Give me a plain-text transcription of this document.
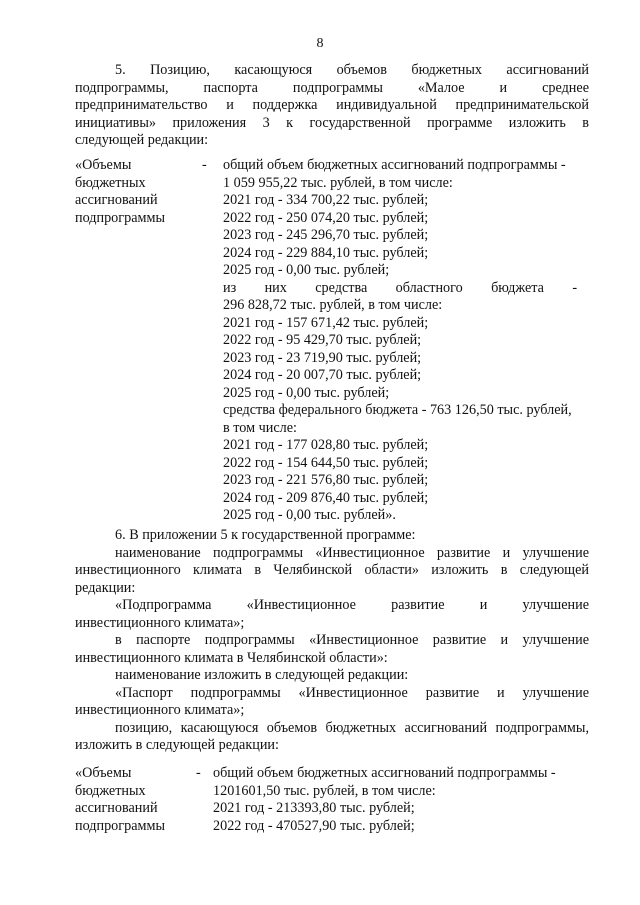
8
5. Позицию, касающуюся объемов бюджетных ассигнований
подпрограммы, паспорта подпрограммы «Малое и среднее
предпринимательство и поддержка индивидуальной предпринимательской
инициативы» приложения 3 к государственной программе изложить в
следующей редакции:
«Объемы
бюджетных
ассигнований
подпрограммы
- общий объем бюджетных ассигнований подпрограммы -
1 059 955,22 тыс. рублей, в том числе:
2021 год - 334 700,22 тыс. рублей;
2022 год - 250 074,20 тыс. рублей;
2023 год - 245 296,70 тыс. рублей;
2024 год - 229 884,10 тыс. рублей;
2025 год - 0,00 тыс. рублей;
из        них        средства        областного        бюджета        -
296 828,72 тыс. рублей, в том числе:
2021 год - 157 671,42 тыс. рублей;
2022 год - 95 429,70 тыс. рублей;
2023 год - 23 719,90 тыс. рублей;
2024 год - 20 007,70 тыс. рублей;
2025 год - 0,00 тыс. рублей;
средства федерального бюджета - 763 126,50 тыс. рублей,
в том числе:
2021 год - 177 028,80 тыс. рублей;
2022 год - 154 644,50 тыс. рублей;
2023 год - 221 576,80 тыс. рублей;
2024 год - 209 876,40 тыс. рублей;
2025 год - 0,00 тыс. рублей».
6. В приложении 5 к государственной программе:
наименование подпрограммы «Инвестиционное развитие и улучшение
инвестиционного климата в Челябинской области» изложить в следующей
редакции:
«Подпрограмма      «Инвестиционное      развитие      и      улучшение
инвестиционного климата»;
в паспорте подпрограммы «Инвестиционное развитие и улучшение
инвестиционного климата в Челябинской области»:
наименование изложить в следующей редакции:
«Паспорт подпрограммы «Инвестиционное развитие и улучшение
инвестиционного климата»;
позицию, касающуюся объемов бюджетных ассигнований подпрограммы,
изложить в следующей редакции:
«Объемы
бюджетных
ассигнований
подпрограммы
- общий объем бюджетных ассигнований подпрограммы -
1201601,50 тыс. рублей, в том числе:
2021 год - 213393,80 тыс. рублей;
2022 год - 470527,90 тыс. рублей;
